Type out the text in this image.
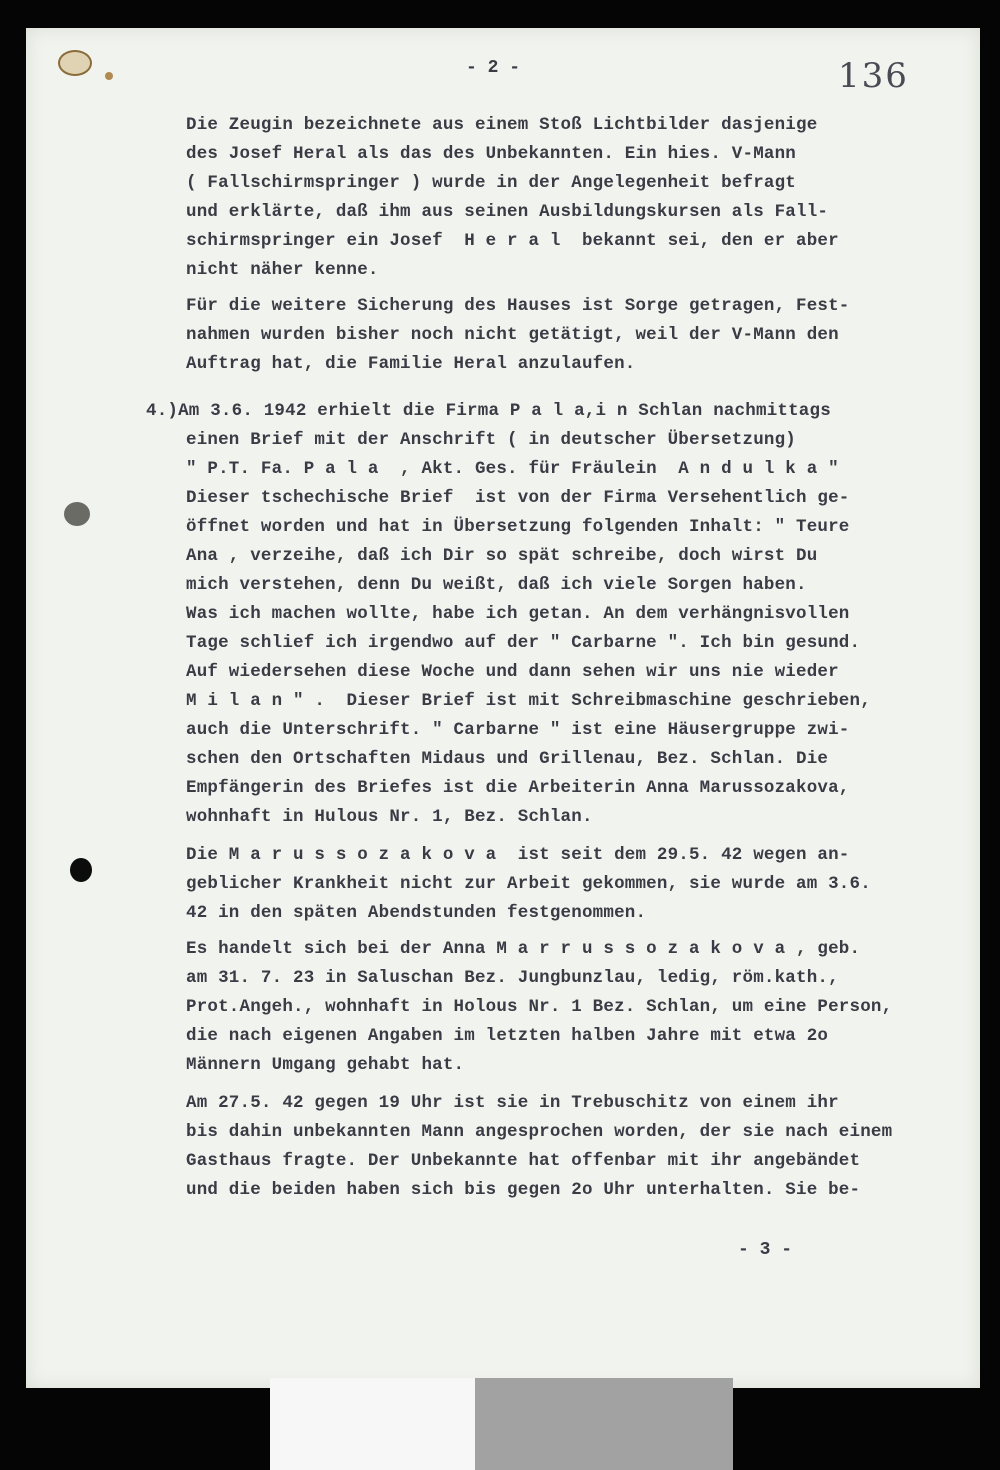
- 2 -	136
Die Zeugin bezeichnete aus einem Stoß Lichtbilder dasjenige
des Josef Heral als das des Unbekannten. Ein hies. V-Mann
( Fallschirmspringer ) wurde in der Angelegenheit befragt
und erklärte, daß ihm aus seinen Ausbildungskursen als Fall-
schirmspringer ein Josef  H e r a l  bekannt sei, den er aber
nicht näher kenne.
Für die weitere Sicherung des Hauses ist Sorge getragen, Fest-
nahmen wurden bisher noch nicht getätigt, weil der V-Mann den
Auftrag hat, die Familie Heral anzulaufen.
4.)Am 3.6. 1942 erhielt die Firma P a l a,i n Schlan nachmittags
einen Brief mit der Anschrift ( in deutscher Übersetzung)
" P.T. Fa. P a l a  , Akt. Ges. für Fräulein  A n d u l k a "
Dieser tschechische Brief  ist von der Firma Versehentlich ge-
öffnet worden und hat in Übersetzung folgenden Inhalt: " Teure
Ana , verzeihe, daß ich Dir so spät schreibe, doch wirst Du
mich verstehen, denn Du weißt, daß ich viele Sorgen haben.
Was ich machen wollte, habe ich getan. An dem verhängnisvollen
Tage schlief ich irgendwo auf der " Carbarne ". Ich bin gesund.
Auf wiedersehen diese Woche und dann sehen wir uns nie wieder
M i l a n " .  Dieser Brief ist mit Schreibmaschine geschrieben,
auch die Unterschrift. " Carbarne " ist eine Häusergruppe zwi-
schen den Ortschaften Midaus und Grillenau, Bez. Schlan. Die
Empfängerin des Briefes ist die Arbeiterin Anna Marussozakova,
wohnhaft in Hulous Nr. 1, Bez. Schlan.
Die M a r u s s o z a k o v a  ist seit dem 29.5. 42 wegen an-
geblicher Krankheit nicht zur Arbeit gekommen, sie wurde am 3.6.
42 in den späten Abendstunden festgenommen.
Es handelt sich bei der Anna M a r r u s s o z a k o v a , geb.
am 31. 7. 23 in Saluschan Bez. Jungbunzlau, ledig, röm.kath.,
Prot.Angeh., wohnhaft in Holous Nr. 1 Bez. Schlan, um eine Person,
die nach eigenen Angaben im letzten halben Jahre mit etwa 2o
Männern Umgang gehabt hat.
Am 27.5. 42 gegen 19 Uhr ist sie in Trebuschitz von einem ihr
bis dahin unbekannten Mann angesprochen worden, der sie nach einem
Gasthaus fragte. Der Unbekannte hat offenbar mit ihr angebändet
und die beiden haben sich bis gegen 2o Uhr unterhalten. Sie be-
- 3 -
